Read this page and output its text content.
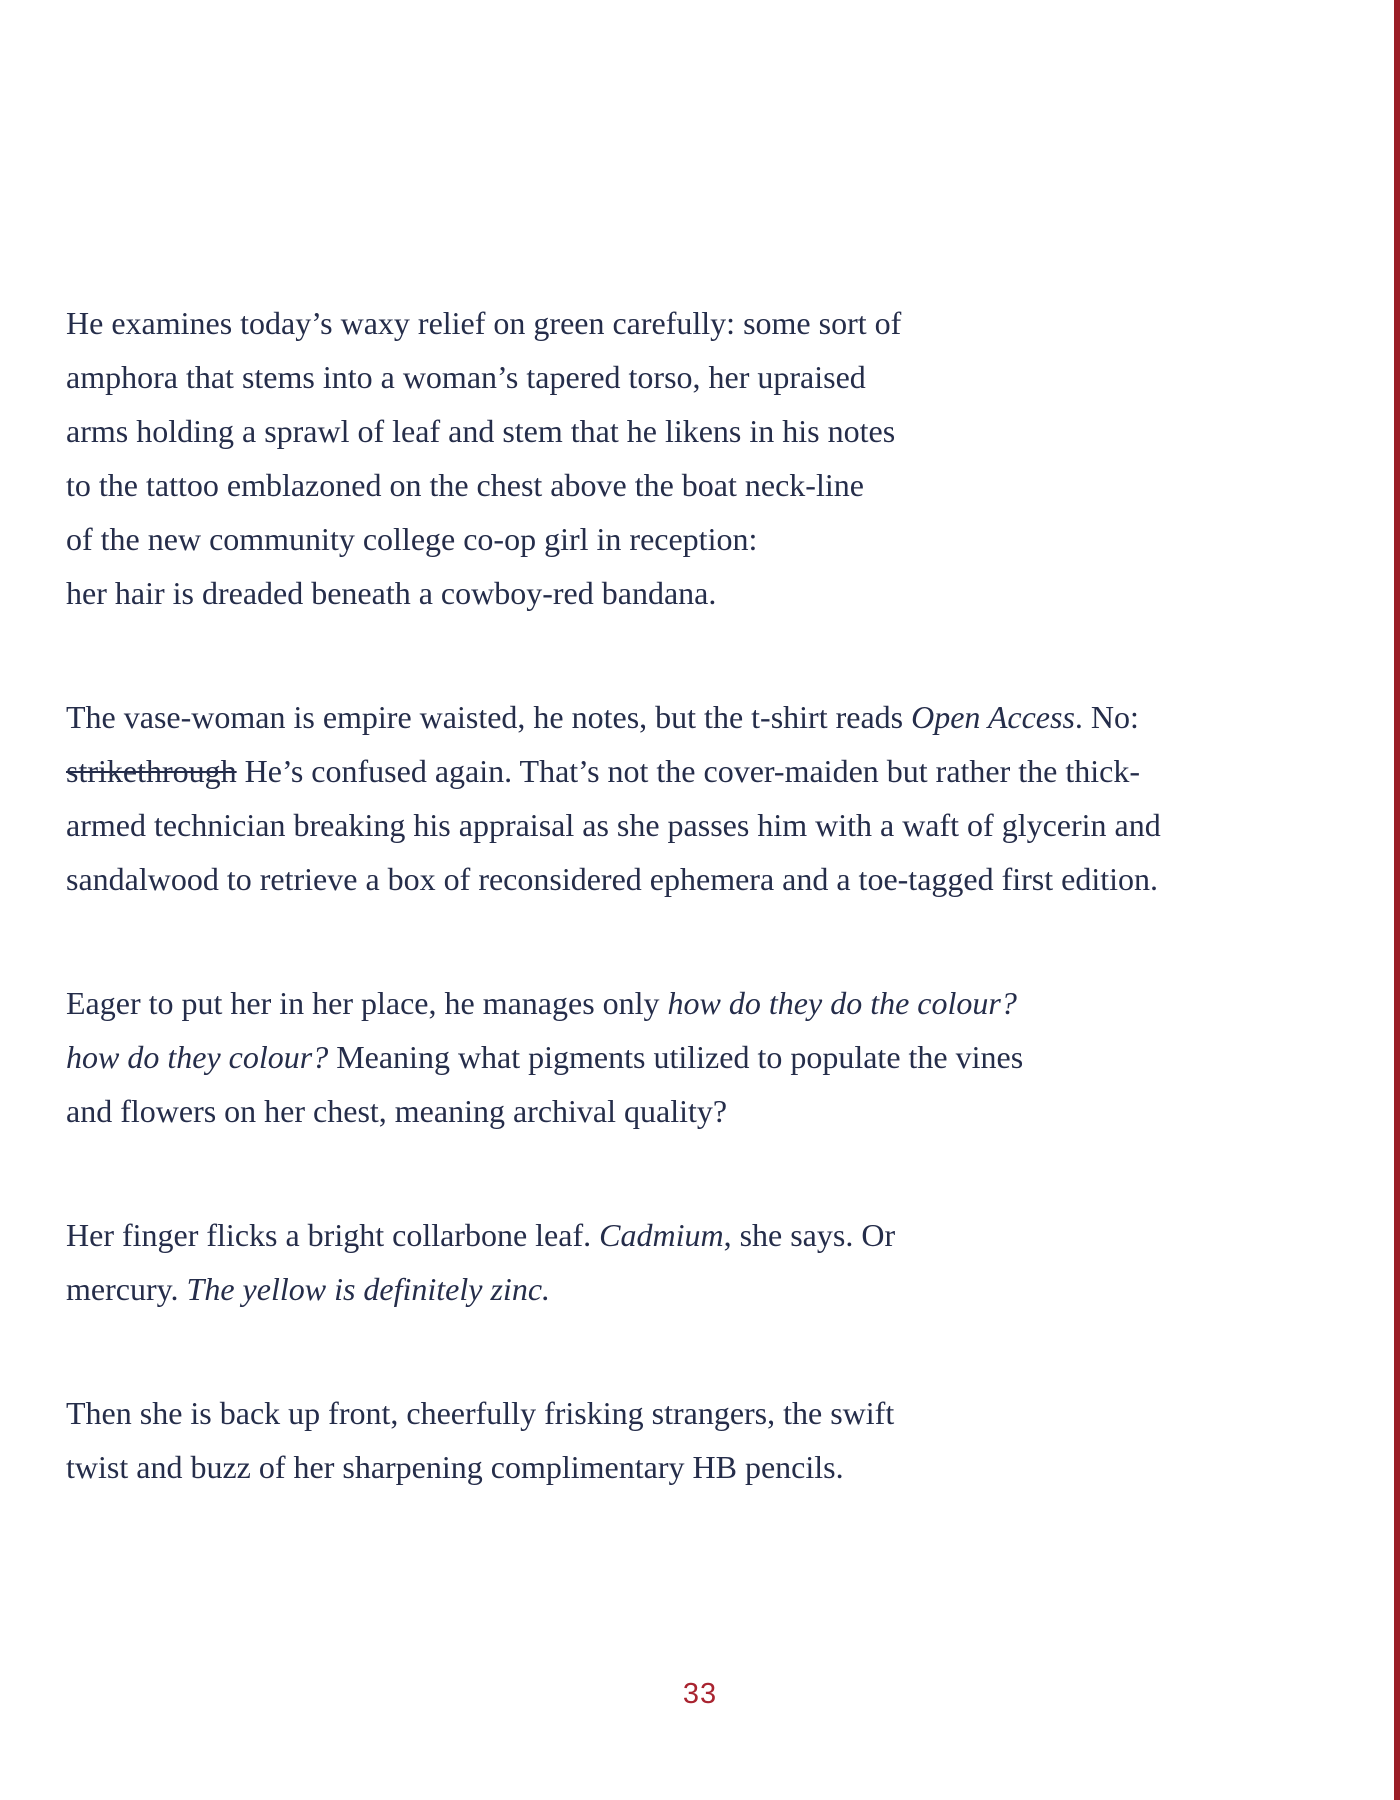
He examines today’s waxy relief on green carefully: some sort of
amphora that stems into a woman’s tapered torso, her upraised
arms holding a sprawl of leaf and stem that he likens in his notes
to the tattoo emblazoned on the chest above the boat neck-line
of the new community college co-op girl in reception:
her hair is dreaded beneath a cowboy-red bandana.
The vase-woman is empire waisted, he notes, but the t-shirt reads Open Access. No:
strikethrough He’s confused again. That’s not the cover-maiden but rather the thick-
armed technician breaking his appraisal as she passes him with a waft of glycerin and
sandalwood to retrieve a box of reconsidered ephemera and a toe-tagged first edition.
Eager to put her in her place, he manages only how do they do the colour?
how do they colour? Meaning what pigments utilized to populate the vines
and flowers on her chest, meaning archival quality?
Her finger flicks a bright collarbone leaf. Cadmium, she says. Or
mercury. The yellow is definitely zinc.
Then she is back up front, cheerfully frisking strangers, the swift
twist and buzz of her sharpening complimentary HB pencils.
33
